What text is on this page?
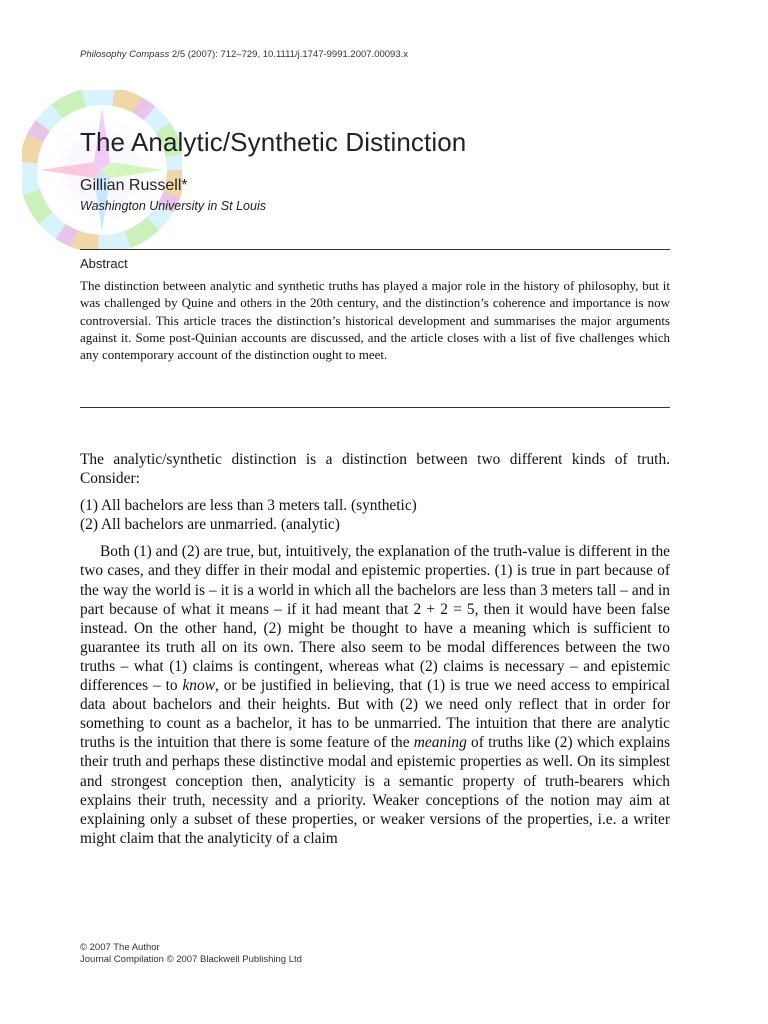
Philosophy Compass 2/5 (2007): 712–729, 10.1111/j.1747-9991.2007.00093.x
The Analytic/Synthetic Distinction
Gillian Russell*
Washington University in St Louis
Abstract

The distinction between analytic and synthetic truths has played a major role in the history of philosophy, but it was challenged by Quine and others in the 20th century, and the distinction’s coherence and importance is now controversial. This article traces the distinction’s historical development and summarises the major arguments against it. Some post-Quinian accounts are discussed, and the article closes with a list of five challenges which any contemporary account of the distinction ought to meet.

The analytic/synthetic distinction is a distinction between two different kinds of truth. Consider:

(1) All bachelors are less than 3 meters tall. (synthetic)

(2) All bachelors are unmarried. (analytic)

Both (1) and (2) are true, but, intuitively, the explanation of the truth-value is different in the two cases, and they differ in their modal and epistemic properties. (1) is true in part because of the way the world is – it is a world in which all the bachelors are less than 3 meters tall – and in part because of what it means – if it had meant that 2 + 2 = 5, then it would have been false instead. On the other hand, (2) might be thought to have a meaning which is sufficient to guarantee its truth all on its own. There also seem to be modal differences between the two truths – what (1) claims is contingent, whereas what (2) claims is necessary – and epistemic differences – to know, or be justified in believing, that (1) is true we need access to empirical data about bachelors and their heights. But with (2) we need only reflect that in order for something to count as a bachelor, it has to be unmarried. The intuition that there are analytic truths is the intuition that there is some feature of the meaning of truths like (2) which explains their truth and perhaps these distinctive modal and epistemic properties as well. On its simplest and strongest conception then, analyticity is a semantic property of truth-bearers which explains their truth, necessity and a priority. Weaker conceptions of the notion may aim at explaining only a subset of these properties, or weaker versions of the properties, i.e. a writer might claim that the analyticity of a claim

© 2007 The Author
Journal Compilation © 2007 Blackwell Publishing Ltd
